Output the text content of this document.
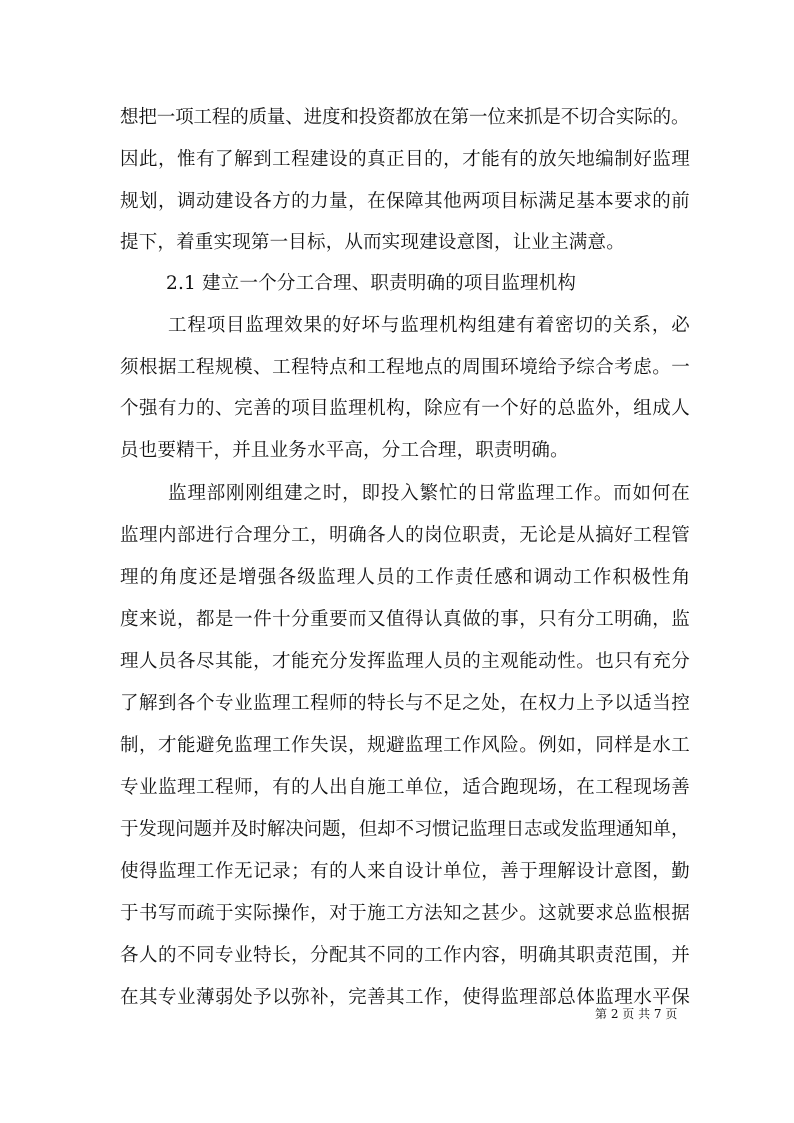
想把一项工程的质量、进度和投资都放在第一位来抓是不切合实际的。
因此，惟有了解到工程建设的真正目的，才能有的放矢地编制好监理
规划，调动建设各方的力量，在保障其他两项目标满足基本要求的前
提下，着重实现第一目标，从而实现建设意图，让业主满意。
2.1 建立一个分工合理、职责明确的项目监理机构
工程项目监理效果的好坏与监理机构组建有着密切的关系，必
须根据工程规模、工程特点和工程地点的周围环境给予综合考虑。一
个强有力的、完善的项目监理机构，除应有一个好的总监外，组成人
员也要精干，并且业务水平高，分工合理，职责明确。
监理部刚刚组建之时，即投入繁忙的日常监理工作。而如何在
监理内部进行合理分工，明确各人的岗位职责，无论是从搞好工程管
理的角度还是增强各级监理人员的工作责任感和调动工作积极性角
度来说，都是一件十分重要而又值得认真做的事，只有分工明确，监
理人员各尽其能，才能充分发挥监理人员的主观能动性。也只有充分
了解到各个专业监理工程师的特长与不足之处，在权力上予以适当控
制，才能避免监理工作失误，规避监理工作风险。例如，同样是水工
专业监理工程师，有的人出自施工单位，适合跑现场，在工程现场善
于发现问题并及时解决问题，但却不习惯记监理日志或发监理通知单，
使得监理工作无记录；有的人来自设计单位，善于理解设计意图，勤
于书写而疏于实际操作，对于施工方法知之甚少。这就要求总监根据
各人的不同专业特长，分配其不同的工作内容，明确其职责范围，并
在其专业薄弱处予以弥补，完善其工作，使得监理部总体监理水平保
第 2 页 共 7 页
